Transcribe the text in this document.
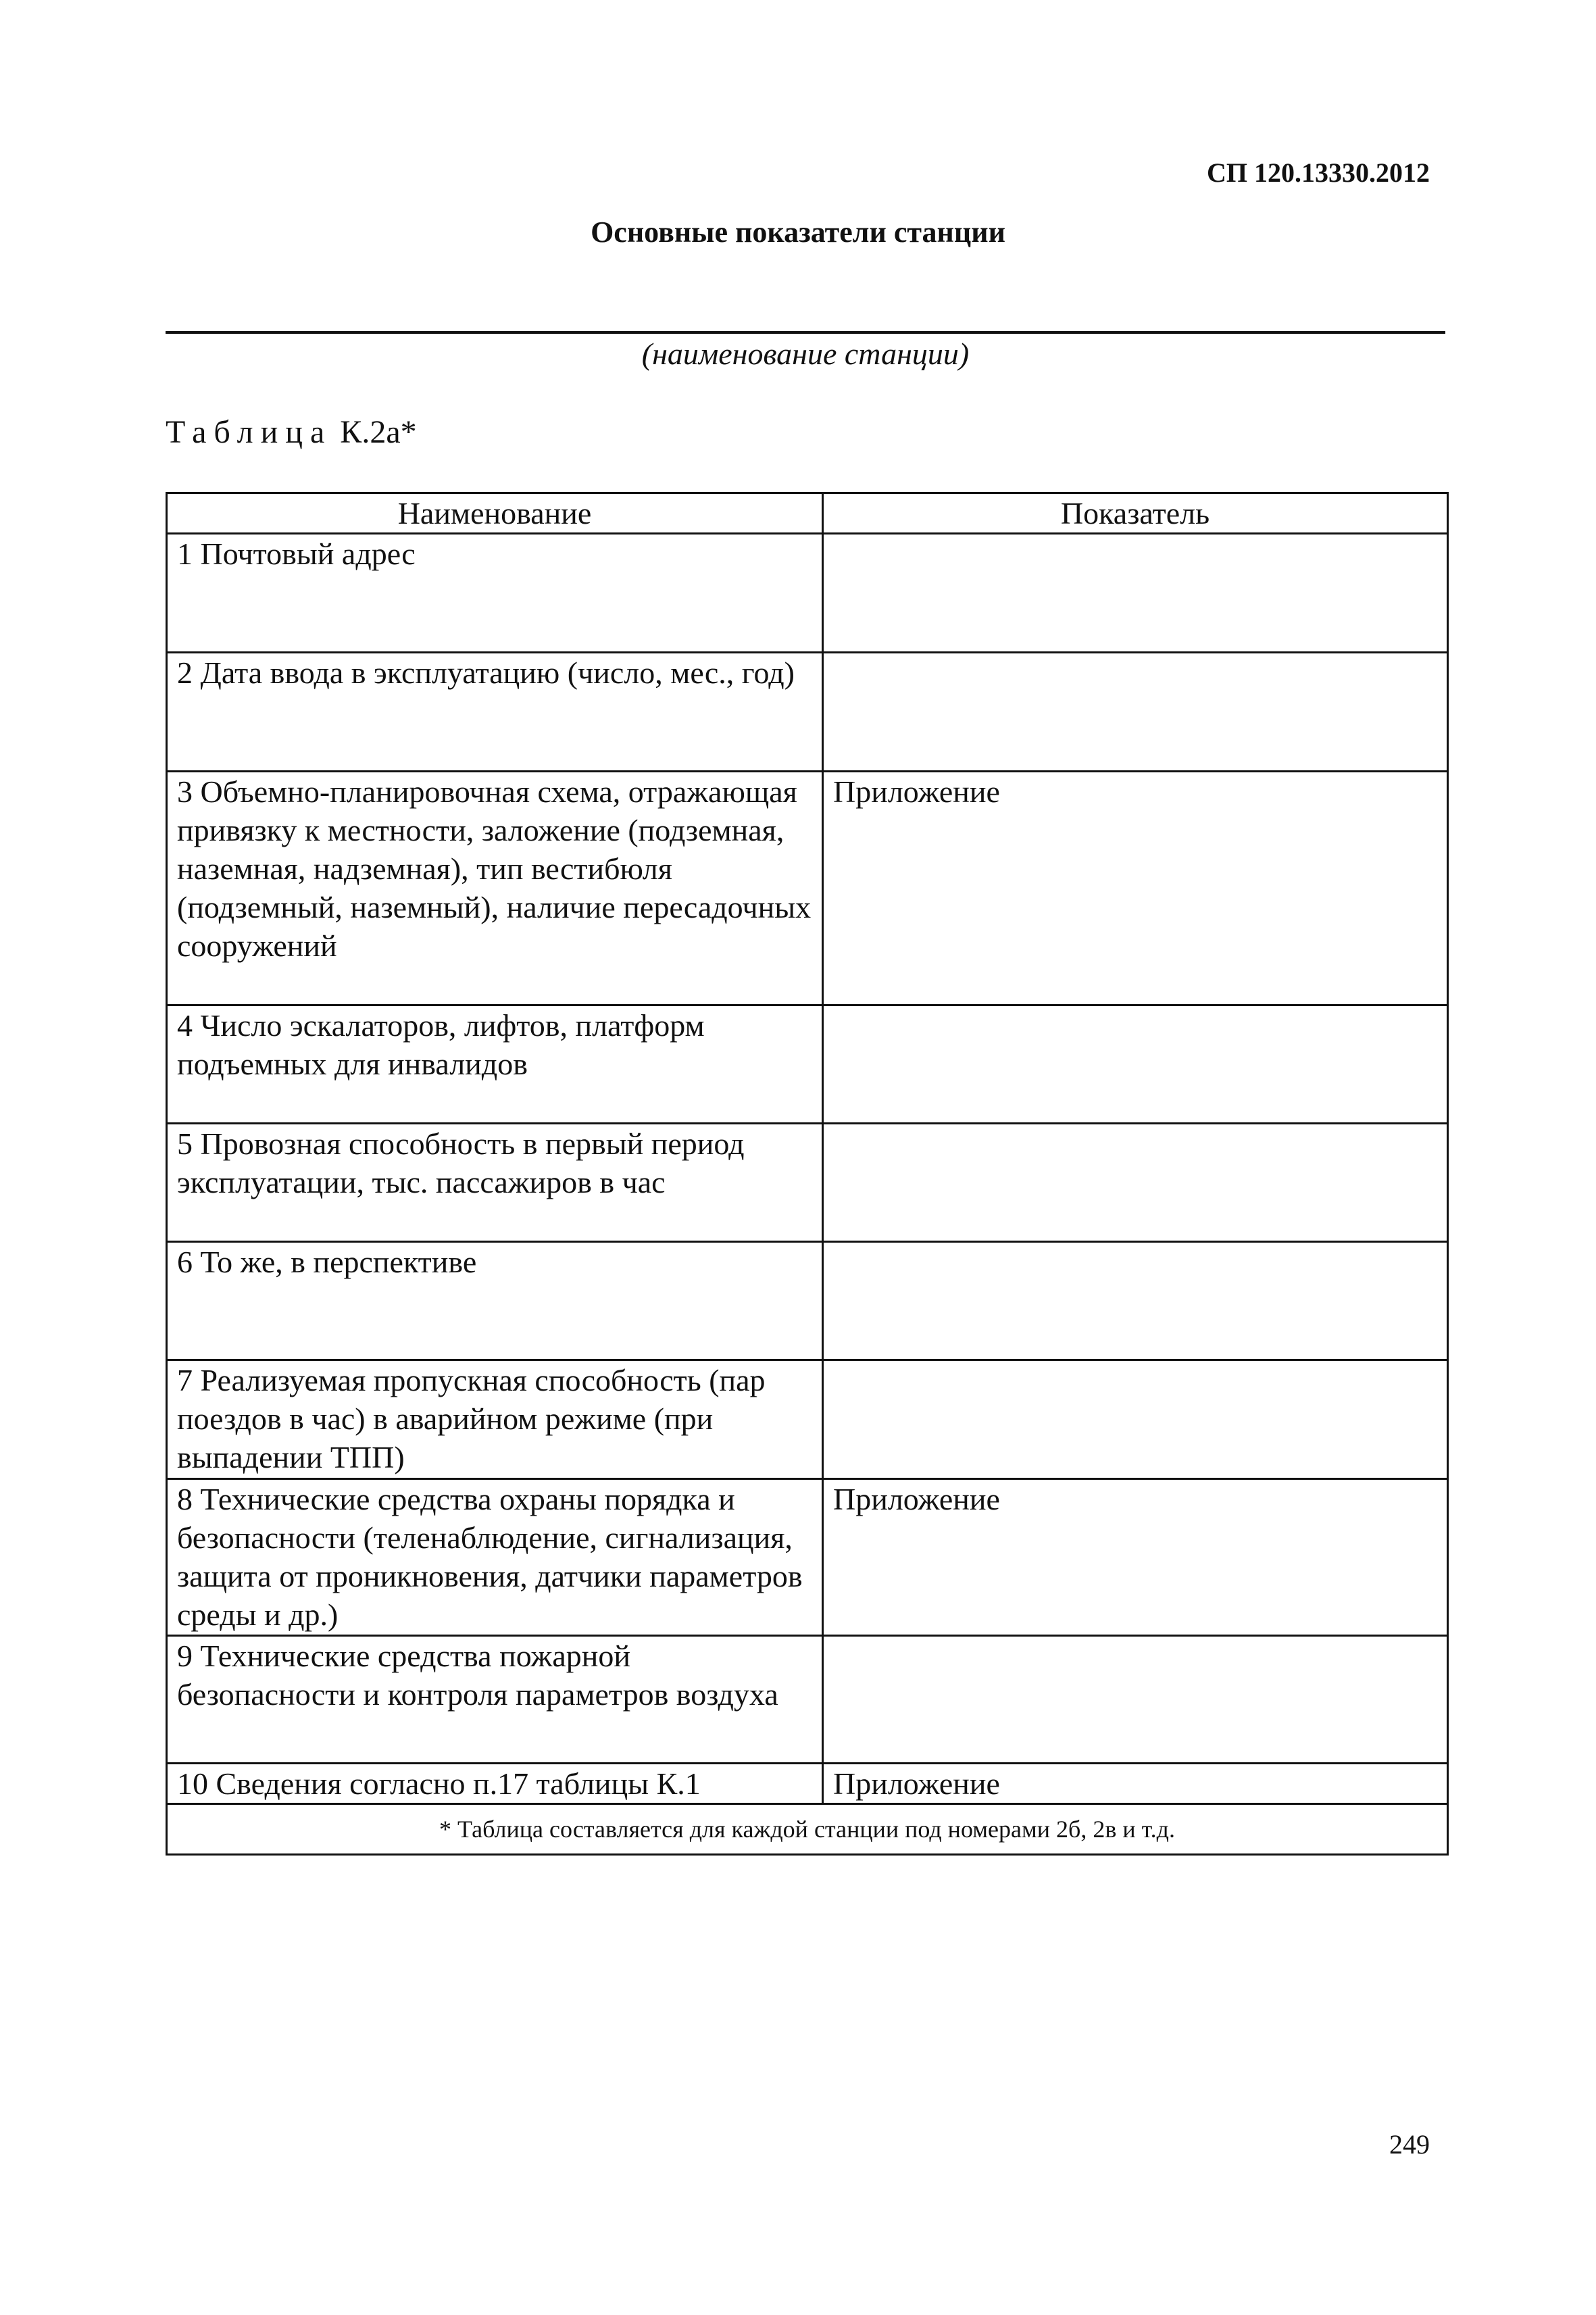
СП 120.13330.2012
Основные показатели станции
(наименование станции)
Таблица К.2а*
Наименование	Показатель
1 Почтовый адрес	
2 Дата ввода в эксплуатацию (число, мес., год)	
3 Объемно-планировочная схема, отражающая привязку к местности, заложение (подземная, наземная, надземная), тип вестибюля (подземный, наземный), наличие пересадочных сооружений	Приложение
4 Число эскалаторов, лифтов, платформ подъемных для инвалидов	
5 Провозная способность в первый период эксплуатации, тыс. пассажиров в час	
6 То же, в перспективе	
7 Реализуемая пропускная способность (пар поездов в час) в аварийном режиме (при выпадении ТПП)	
8 Технические средства охраны порядка и безопасности (теленаблюдение, сигнализация, защита от проникновения, датчики параметров среды и др.)	Приложение
9 Технические средства пожарной безопасности и контроля параметров воздуха	
10 Сведения согласно п.17 таблицы К.1	Приложение
* Таблица составляется для каждой станции под номерами 2б, 2в и т.д.	
249
